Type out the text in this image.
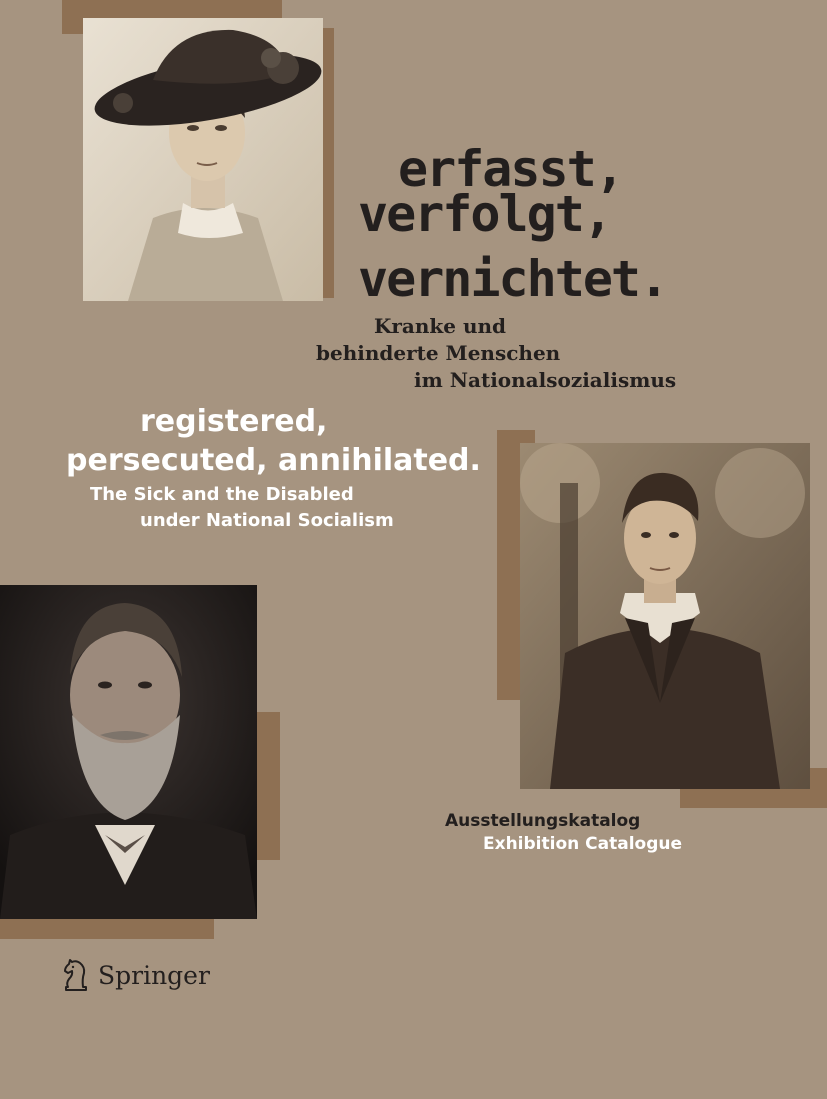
erfasst,
verfolgt,
vernichtet.
Kranke und
behinderte Menschen
im Nationalsozialismus
registered,
persecuted, annihilated.
The Sick and the Disabled
under National Socialism
Ausstellungskatalog
Exhibition Catalogue
Springer
